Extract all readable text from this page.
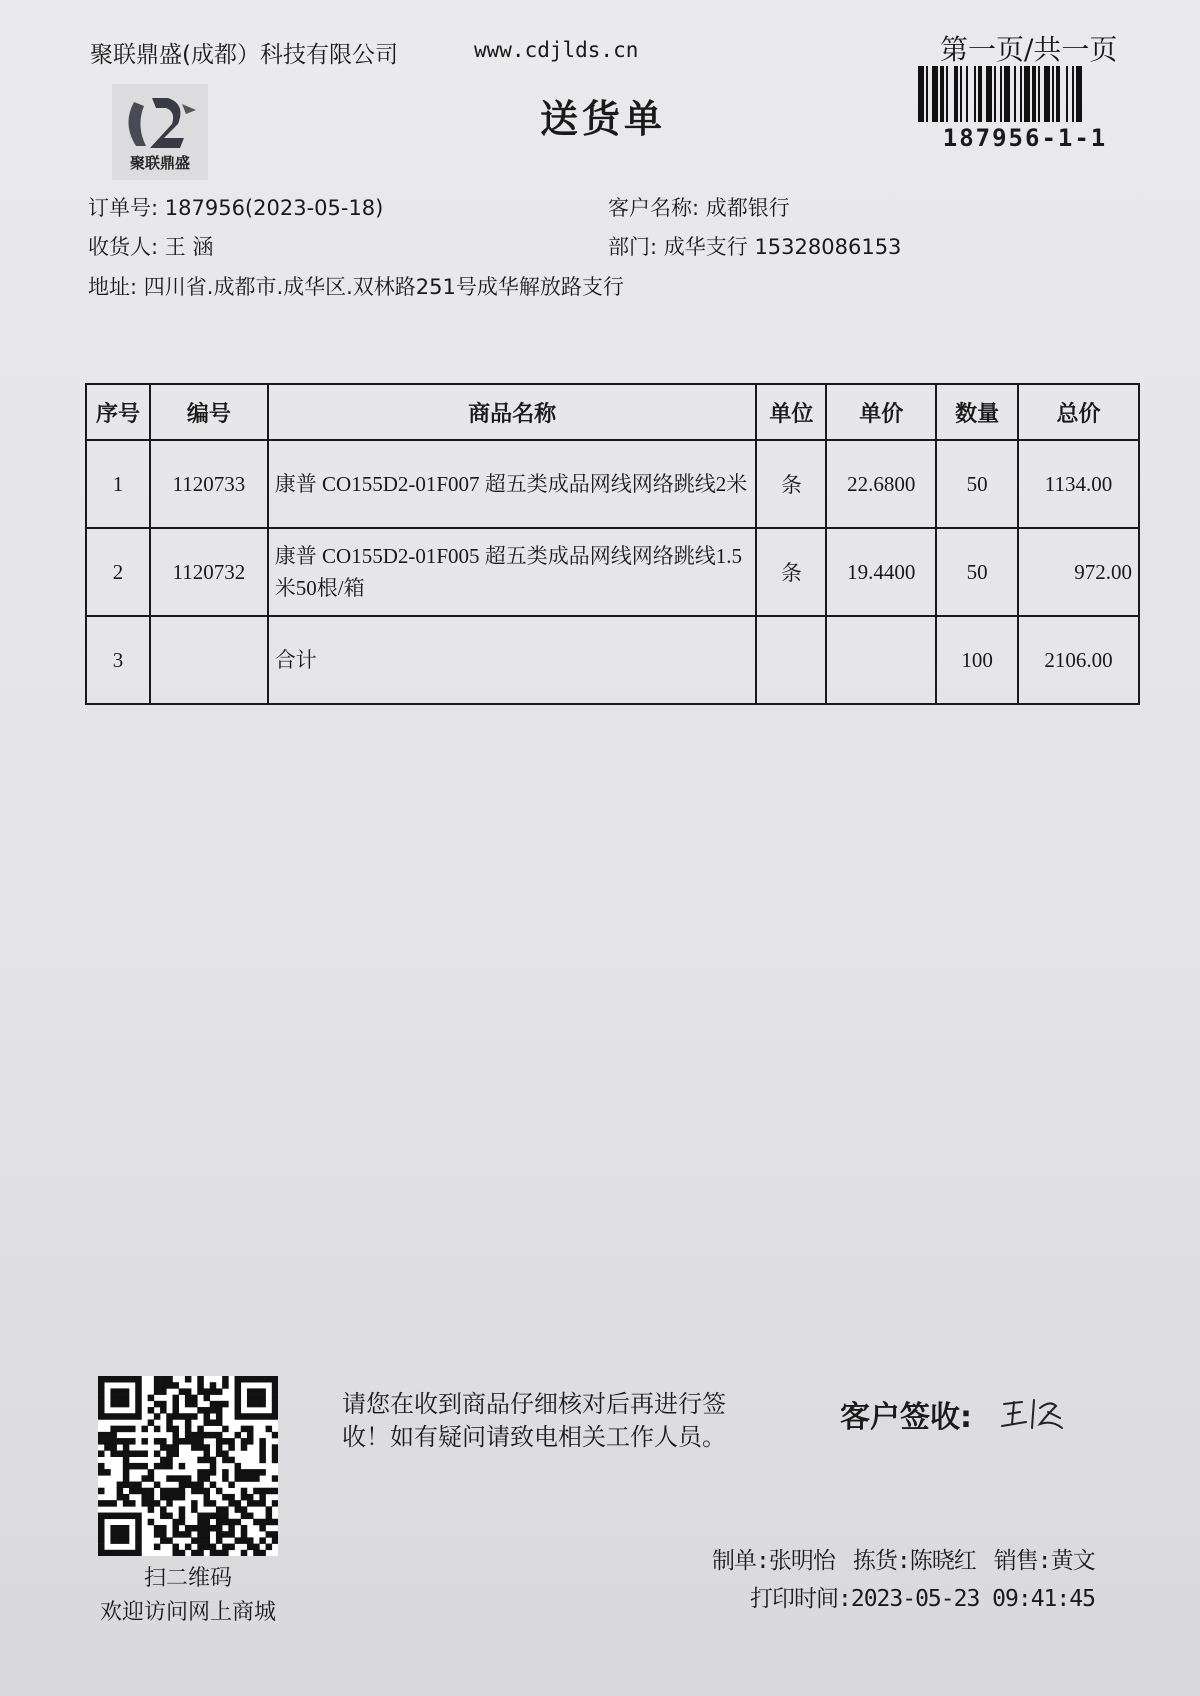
聚联鼎盛(成都）科技有限公司	www.cdjlds.cn	第一页/共一页
聚联鼎盛
送货单	187956-1-1
订单号: 187956(2023-05-18)	客户名称: 成都银行
收货人: 王 涵	部门: 成华支行 15328086153
地址: 四川省.成都市.成华区.双林路251号成华解放路支行
序号	编号	商品名称	单位	单价	数量	总价
1	1120733	康普 CO155D2-01F007 超五类成品网线网络跳线2米	条	22.6800	50	1134.00
2	1120732	康普 CO155D2-01F005 超五类成品网线网络跳线1.5米50根/箱	条	19.4400	50	972.00
3		合计			100	2106.00
扫二维码
欢迎访问网上商城
请您在收到商品仔细核对后再进行签收！如有疑问请致电相关工作人员。
客户签收:
制单:张明怡 拣货:陈晓红 销售:黄文
打印时间:2023-05-23 09:41:45
